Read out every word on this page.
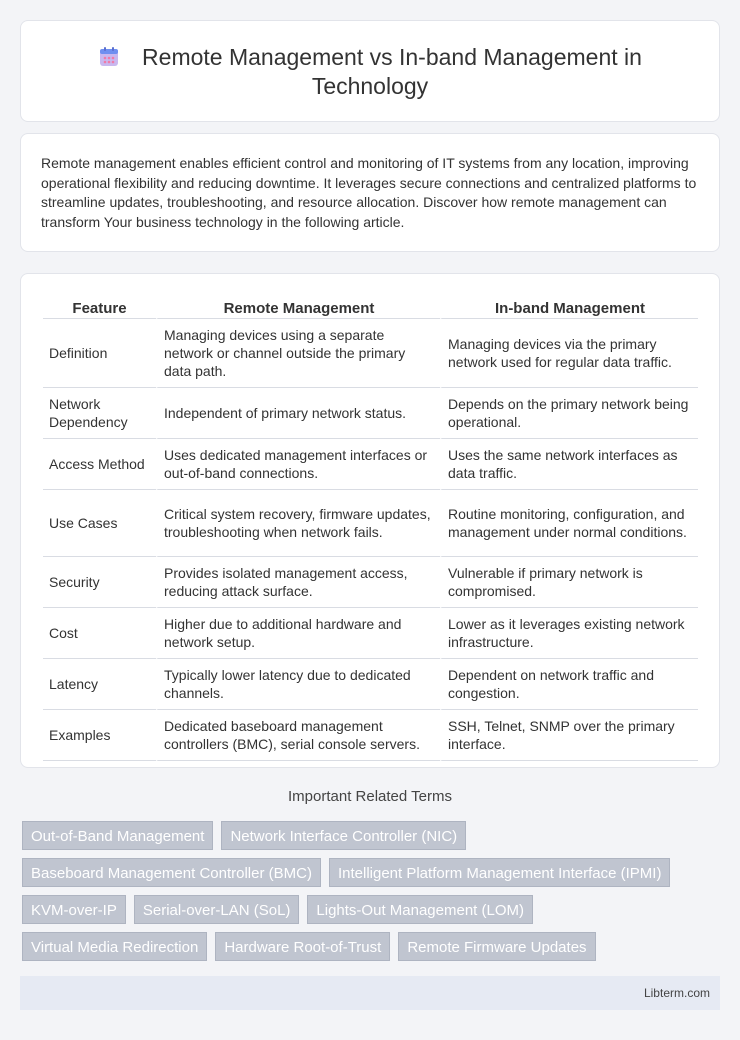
Remote Management vs In-band Management in Technology

Remote management enables efficient control and monitoring of IT systems from any location, improving operational flexibility and reducing downtime. It leverages secure connections and centralized platforms to streamline updates, troubleshooting, and resource allocation. Discover how remote management can transform Your business technology in the following article.

Feature	Remote Management	In-band Management
Definition	Managing devices using a separate network or channel outside the primary data path.	Managing devices via the primary network used for regular data traffic.
Network Dependency	Independent of primary network status.	Depends on the primary network being operational.
Access Method	Uses dedicated management interfaces or out-of-band connections.	Uses the same network interfaces as data traffic.
Use Cases	Critical system recovery, firmware updates, troubleshooting when network fails.	Routine monitoring, configuration, and management under normal conditions.
Security	Provides isolated management access, reducing attack surface.	Vulnerable if primary network is compromised.
Cost	Higher due to additional hardware and network setup.	Lower as it leverages existing network infrastructure.
Latency	Typically lower latency due to dedicated channels.	Dependent on network traffic and congestion.
Examples	Dedicated baseboard management controllers (BMC), serial console servers.	SSH, Telnet, SNMP over the primary interface.
Important Related Terms
Out-of-Band Management	Network Interface Controller (NIC)
Baseboard Management Controller (BMC)	Intelligent Platform Management Interface (IPMI)
KVM-over-IP	Serial-over-LAN (SoL)	Lights-Out Management (LOM)
Virtual Media Redirection	Hardware Root-of-Trust	Remote Firmware Updates
Libterm.com
